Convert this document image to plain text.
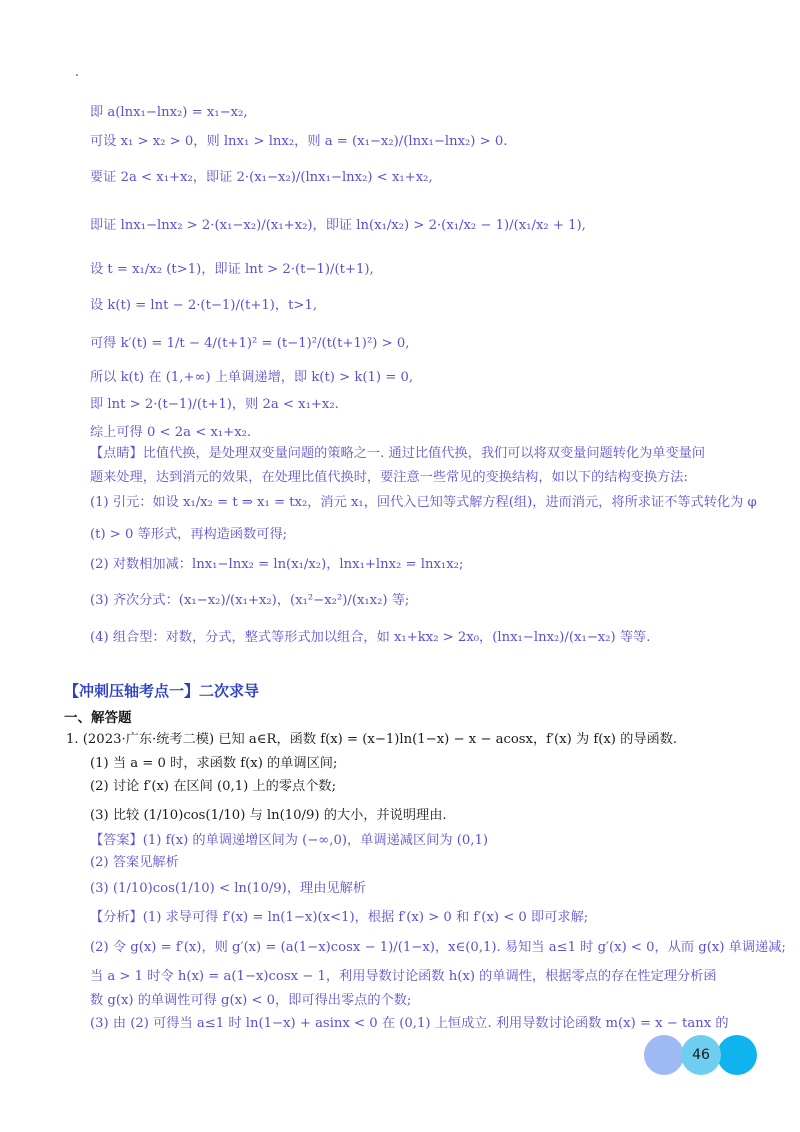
即 a(lnx₁−lnx₂) = x₁−x₂,
可设 x₁ > x₂ > 0，则 lnx₁ > lnx₂，则 a = (x₁−x₂)/(lnx₁−lnx₂) > 0.
要证 2a < x₁+x₂，即证 2·(x₁−x₂)/(lnx₁−lnx₂) < x₁+x₂,
即证 lnx₁−lnx₂ > 2·(x₁−x₂)/(x₁+x₂)，即证 ln(x₁/x₂) > 2·(x₁/x₂ − 1)/(x₁/x₂ + 1),
设 t = x₁/x₂ (t>1)，即证 lnt > 2·(t−1)/(t+1),
设 k(t) = lnt − 2·(t−1)/(t+1)，t>1,
可得 k′(t) = 1/t − 4/(t+1)² = (t−1)²/(t(t+1)²) > 0,
所以 k(t) 在 (1,+∞) 上单调递增，即 k(t) > k(1) = 0,
即 lnt > 2·(t−1)/(t+1)，则 2a < x₁+x₂.
综上可得 0 < 2a < x₁+x₂.
【点睛】比值代换，是处理双变量问题的策略之一. 通过比值代换，我们可以将双变量问题转化为单变量问
题来处理，达到消元的效果，在处理比值代换时，要注意一些常见的变换结构，如以下的结构变换方法:
(1) 引元：如设 x₁/x₂ = t ⇒ x₁ = tx₂，消元 x₁，回代入已知等式解方程(组)，进而消元，将所求证不等式转化为 φ
(t) > 0 等形式，再构造函数可得;
(2) 对数相加减：lnx₁−lnx₂ = ln(x₁/x₂)，lnx₁+lnx₂ = lnx₁x₂;
(3) 齐次分式：(x₁−x₂)/(x₁+x₂)，(x₁²−x₂²)/(x₁x₂) 等;
(4) 组合型：对数，分式，整式等形式加以组合，如 x₁+kx₂ > 2x₀，(lnx₁−lnx₂)/(x₁−x₂) 等等.
【冲刺压轴考点一】二次求导
一、解答题
1. (2023·广东·统考二模) 已知 a∈R，函数 f(x) = (x−1)ln(1−x) − x − acosx，f′(x) 为 f(x) 的导函数.
(1) 当 a = 0 时，求函数 f(x) 的单调区间;
(2) 讨论 f′(x) 在区间 (0,1) 上的零点个数;
(3) 比较 (1/10)cos(1/10) 与 ln(10/9) 的大小，并说明理由.
【答案】(1) f(x) 的单调递增区间为 (−∞,0)，单调递减区间为 (0,1)
(2) 答案见解析
(3) (1/10)cos(1/10) < ln(10/9)，理由见解析
【分析】(1) 求导可得 f′(x) = ln(1−x)(x<1)，根据 f′(x) > 0 和 f′(x) < 0 即可求解;
(2) 令 g(x) = f′(x)，则 g′(x) = (a(1−x)cosx − 1)/(1−x)，x∈(0,1). 易知当 a≤1 时 g′(x) < 0，从而 g(x) 单调递减;
当 a > 1 时令 h(x) = a(1−x)cosx − 1，利用导数讨论函数 h(x) 的单调性，根据零点的存在性定理分析函
数 g(x) 的单调性可得 g(x) < 0，即可得出零点的个数;
(3) 由 (2) 可得当 a≤1 时 ln(1−x) + asinx < 0 在 (0,1) 上恒成立. 利用导数讨论函数 m(x) = x − tanx 的
46
